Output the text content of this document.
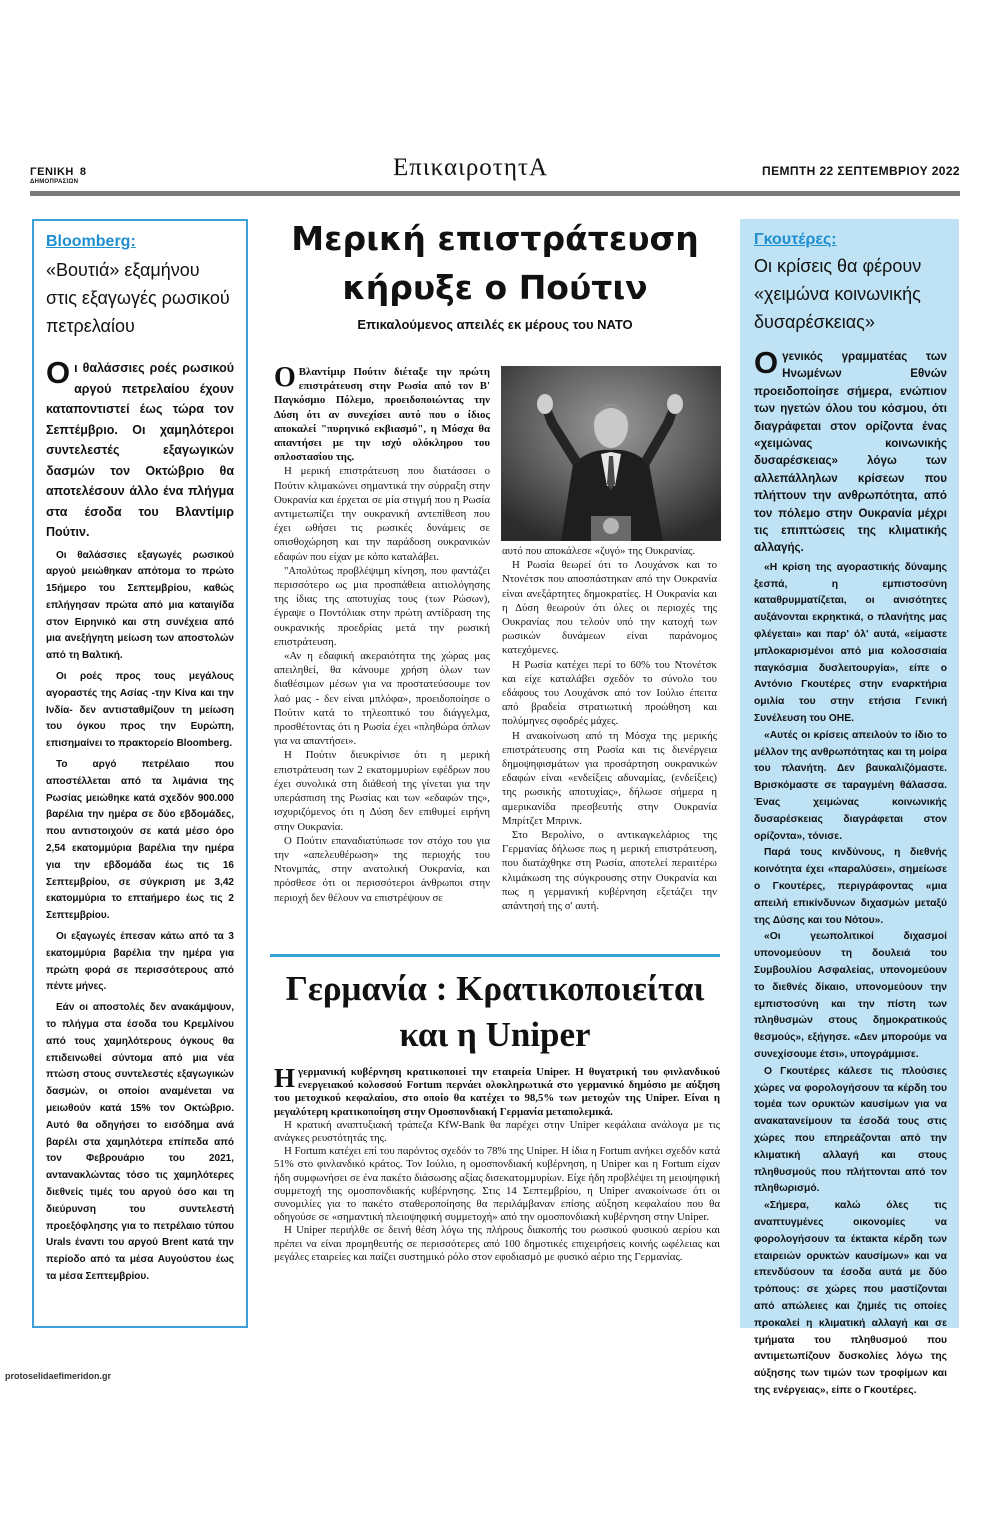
ΓΕΝΙΚΗ 8
ΔΗΜΟΠΡΑΣΙΩΝ
ΕπικαιροτητΑ	ΠΕΜΠΤΗ 22 ΣΕΠΤΕΜΒΡΙΟΥ 2022
Bloomberg:
«Βουτιά» εξαμήνου στις εξαγωγές ρωσικού πετρελαίου
Οι θαλάσσιες ροές ρωσικού αργού πετρελαίου έχουν καταποντιστεί έως τώρα τον Σεπτέμβριο. Οι χαμηλότεροι συντελεστές εξαγωγικών δασμών τον Οκτώβριο θα αποτελέσουν άλλο ένα πλήγμα στα έσοδα του Βλαντίμιρ Πούτιν.

Οι θαλάσσιες εξαγωγές ρωσικού αργού μειώθηκαν απότομα το πρώτο 15ήμερο του Σεπτεμβρίου, καθώς επλήγησαν πρώτα από μια καταιγίδα στον Ειρηνικό και στη συνέχεια από μια ανεξήγητη μείωση των αποστολών από τη Βαλτική.

Οι ροές προς τους μεγάλους αγοραστές της Ασίας -την Κίνα και την Ινδία- δεν αντισταθμίζουν τη μείωση του όγκου προς την Ευρώπη, επισημαίνει το πρακτορείο Bloomberg.

Το αργό πετρέλαιο που αποστέλλεται από τα λιμάνια της Ρωσίας μειώθηκε κατά σχεδόν 900.000 βαρέλια την ημέρα σε δύο εβδομάδες, που αντιστοιχούν σε κατά μέσο όρο 2,54 εκατομμύρια βαρέλια την ημέρα για την εβδομάδα έως τις 16 Σεπτεμβρίου, σε σύγκριση με 3,42 εκατομμύρια το επταήμερο έως τις 2 Σεπτεμβρίου.

Οι εξαγωγές έπεσαν κάτω από τα 3 εκατομμύρια βαρέλια την ημέρα για πρώτη φορά σε περισσότερους από πέντε μήνες.

Εάν οι αποστολές δεν ανακάμψουν, το πλήγμα στα έσοδα του Κρεμλίνου από τους χαμηλότερους όγκους θα επιδεινωθεί σύντομα από μια νέα πτώση στους συντελεστές εξαγωγικών δασμών, οι οποίοι αναμένεται να μειωθούν κατά 15% τον Οκτώβριο. Αυτό θα οδηγήσει το εισόδημα ανά βαρέλι στα χαμηλότερα επίπεδα από τον Φεβρουάριο του 2021, αντανακλώντας τόσο τις χαμηλότερες διεθνείς τιμές του αργού όσο και τη διεύρυνση του συντελεστή προεξόφλησης για το πετρέλαιο τύπου Urals έναντι του αργού Brent κατά την περίοδο από τα μέσα Αυγούστου έως τα μέσα Σεπτεμβρίου.

Μερική επιστράτευση
κήρυξε ο Πούτιν
Επικαλούμενος απειλές εκ μέρους του ΝΑΤΟ

Ο Βλαντίμιρ Πούτιν διέταξε την πρώτη επιστράτευση στην Ρωσία από τον Β' Παγκόσμιο Πόλεμο, προειδοποιώντας την Δύση ότι αν συνεχίσει αυτό που ο ίδιος αποκαλεί "πυρηνικό εκβιασμό", η Μόσχα θα απαντήσει με την ισχύ ολόκληρου του οπλοστασίου της.

Η μερική επιστράτευση που διατάσσει ο Πούτιν κλιμακώνει σημαντικά την σύρραξη στην Ουκρανία και έρχεται σε μία στιγμή που η Ρωσία αντιμετωπίζει την ουκρανική αντεπίθεση που έχει ωθήσει τις ρωσικές δυνάμεις σε οπισθοχώρηση και την παράδοση ουκρανικών εδαφών που είχαν με κόπο καταλάβει.

"Απολύτως προβλέψιμη κίνηση, που φαντάζει περισσότερο ως μια προσπάθεια αιτιολόγησης της ίδιας της αποτυχίας τους (των Ρώσων), έγραψε ο Ποντόλιακ στην πρώτη αντίδραση της ουκρανικής προεδρίας μετά την ρωσική επιστράτευση.

«Αν η εδαφική ακεραιότητα της χώρας μας απειληθεί, θα κάνουμε χρήση όλων των διαθέσιμων μέσων για να προστατεύσουμε τον λαό μας - δεν είναι μπλόφα», προειδοποίησε ο Πούτιν κατά το τηλεοπτικό του διάγγελμα, προσθέτοντας ότι η Ρωσία έχει «πληθώρα όπλων για να απαντήσει».

Η Πούτιν διευκρίνισε ότι η μερική επιστράτευση των 2 εκατομμυρίων εφέδρων που έχει συνολικά στη διάθεσή της γίνεται για την υπεράσπιση της Ρωσίας και των «εδαφών της», ισχυριζόμενος ότι η Δύση δεν επιθυμεί ειρήνη στην Ουκρανία.

Ο Πούτιν επαναδιατύπωσε τον στόχο του για την «απελευθέρωση» της περιοχής του Ντονμπάς, στην ανατολική Ουκρανία, και πρόσθεσε ότι οι περισσότεροι άνθρωποι στην περιοχή δεν θέλουν να επιστρέψουν σε

αυτό που αποκάλεσε «ζυγό» της Ουκρανίας.

Η Ρωσία θεωρεί ότι το Λουχάνσκ και το Ντονέτσκ που αποσπάστηκαν από την Ουκρανία είναι ανεξάρτητες δημοκρατίες. Η Ουκρανία και η Δύση θεωρούν ότι όλες οι περιοχές της Ουκρανίας που τελούν υπό την κατοχή των ρωσικών δυνάμεων είναι παράνομος κατεχόμενες.

Η Ρωσία κατέχει περί το 60% του Ντονέτσκ και είχε καταλάβει σχεδόν το σύνολο του εδάφους του Λουχάνσκ από τον Ιούλιο έπειτα από βραδεία στρατιωτική προώθηση και πολύμηνες σφοδρές μάχες.

Η ανακοίνωση από τη Μόσχα της μερικής επιστράτευσης στη Ρωσία και τις διενέργεια δημοψηφισμάτων για προσάρτηση ουκρανικών εδαφών είναι «ενδείξεις αδυναμίας, (ενδείξεις) της ρωσικής αποτυχίας», δήλωσε σήμερα η αμερικανίδα πρεσβευτής στην Ουκρανία Μπρίτζετ Μπρινκ.

Στο Βερολίνο, ο αντικαγκελάριος της Γερμανίας δήλωσε πως η μερική επιστράτευση, που διατάχθηκε στη Ρωσία, αποτελεί περαιτέρω κλιμάκωση της σύγκρουσης στην Ουκρανία και πως η γερμανική κυβέρνηση εξετάζει την απάντησή της σ' αυτή.

Γερμανία : Κρατικοποιείται
και η Uniper

Ηγερμανική κυβέρνηση κρατικοποιεί την εταιρεία Uniper. Η θυγατρική του φινλανδικού ενεργειακού κολοσσού Fortum περνάει ολοκληρωτικά στο γερμανικό δημόσιο με αύξηση του μετοχικού κεφαλαίου, στο οποίο θα κατέχει το 98,5% των μετοχών της Uniper. Είναι η μεγαλύτερη κρατικοποίηση στην Ομοσπονδιακή Γερμανία μεταπολεμικά.

Η κρατική αναπτυξιακή τράπεζα KfW-Bank θα παρέχει στην Uniper κεφάλαια ανάλογα με τις ανάγκες ρευστότητάς της.

Η Fortum κατέχει επί του παρόντος σχεδόν το 78% της Uniper. Η ίδια η Fortum ανήκει σχεδόν κατά 51% στο φινλανδικό κράτος. Τον Ιούλιο, η ομοσπονδιακή κυβέρνηση, η Uniper και η Fortum είχαν ήδη συμφωνήσει σε ένα πακέτο διάσωσης αξίας δισεκατομμυρίων. Είχε ήδη προβλέψει τη μειοψηφική συμμετοχή της ομοσπονδιακής κυβέρνησης. Στις 14 Σεπτεμβρίου, η Uniper ανακοίνωσε ότι οι συνομιλίες για το πακέτο σταθεροποίησης θα περιλάμβαναν επίσης αύξηση κεφαλαίου που θα οδηγούσε σε «σημαντική πλειοψηφική συμμετοχή» από την ομοσπονδιακή κυβέρνηση στην Uniper.

Η Uniper περιήλθε σε δεινή θέση λόγω της πλήρους διακοπής του ρωσικού φυσικού αερίου και πρέπει να είναι προμηθευτής σε περισσότερες από 100 δημοτικές επιχειρήσεις κοινής ωφέλειας και μεγάλες εταιρείες και παίζει συστημικό ρόλο στον εφοδιασμό με φυσικό αέριο της Γερμανίας.

Γκουτέρες:
Οι κρίσεις θα φέρουν «χειμώνα κοινωνικής δυσαρέσκειας»
Ογενικός γραμματέας των Ηνωμένων Εθνών προειδοποίησε σήμερα, ενώπιον των ηγετών όλου του κόσμου, ότι διαγράφεται στον ορίζοντα ένας «χειμώνας κοινωνικής δυσαρέσκειας» λόγω των αλλεπάλληλων κρίσεων που πλήττουν την ανθρωπότητα, από τον πόλεμο στην Ουκρανία μέχρι τις επιπτώσεις της κλιματικής αλλαγής.

«Η κρίση της αγοραστικής δύναμης ξεσπά, η εμπιστοσύνη καταθρυμματίζεται, οι ανισότητες αυξάνονται εκρηκτικά, ο πλανήτης μας φλέγεται» και παρ' όλ' αυτά, «είμαστε μπλοκαρισμένοι από μια κολοσσιαία παγκόσμια δυσλειτουργία», είπε ο Αντόνιο Γκουτέρες στην εναρκτήρια ομιλία του στην ετήσια Γενική Συνέλευση του ΟΗΕ.

«Αυτές οι κρίσεις απειλούν το ίδιο το μέλλον της ανθρωπότητας και τη μοίρα του πλανήτη. Δεν βαυκαλιζόμαστε. Βρισκόμαστε σε ταραγμένη θάλασσα. Ένας χειμώνας κοινωνικής δυσαρέσκειας διαγράφεται στον ορίζοντα», τόνισε.

Παρά τους κινδύνους, η διεθνής κοινότητα έχει «παραλύσει», σημείωσε ο Γκουτέρες, περιγράφοντας «μια απειλή επικίνδυνων διχασμών μεταξύ της Δύσης και του Νότου».

«Οι γεωπολιτικοί διχασμοί υπονομεύουν τη δουλειά του Συμβουλίου Ασφαλείας, υπονομεύουν το διεθνές δίκαιο, υπονομεύουν την εμπιστοσύνη και την πίστη των πληθυσμών στους δημοκρατικούς θεσμούς», εξήγησε. «Δεν μπορούμε να συνεχίσουμε έτσι», υπογράμμισε.

Ο Γκουτέρες κάλεσε τις πλούσιες χώρες να φορολογήσουν τα κέρδη του τομέα των ορυκτών καυσίμων για να ανακατανείμουν τα έσοδά τους στις χώρες που επηρεάζονται από την κλιματική αλλαγή και στους πληθυσμούς που πλήττονται από τον πληθωρισμό.

«Σήμερα, καλώ όλες τις αναπτυγμένες οικονομίες να φορολογήσουν τα έκτακτα κέρδη των εταιρειών ορυκτών καυσίμων» και να επενδύσουν τα έσοδα αυτά με δύο τρόπους: σε χώρες που μαστίζονται από απώλειες και ζημιές τις οποίες προκαλεί η κλιματική αλλαγή και σε τμήματα του πληθυσμού που αντιμετωπίζουν δυσκολίες λόγω της αύξησης των τιμών των τροφίμων και της ενέργειας», είπε ο Γκουτέρες.

protoselidaefimeridon.gr
